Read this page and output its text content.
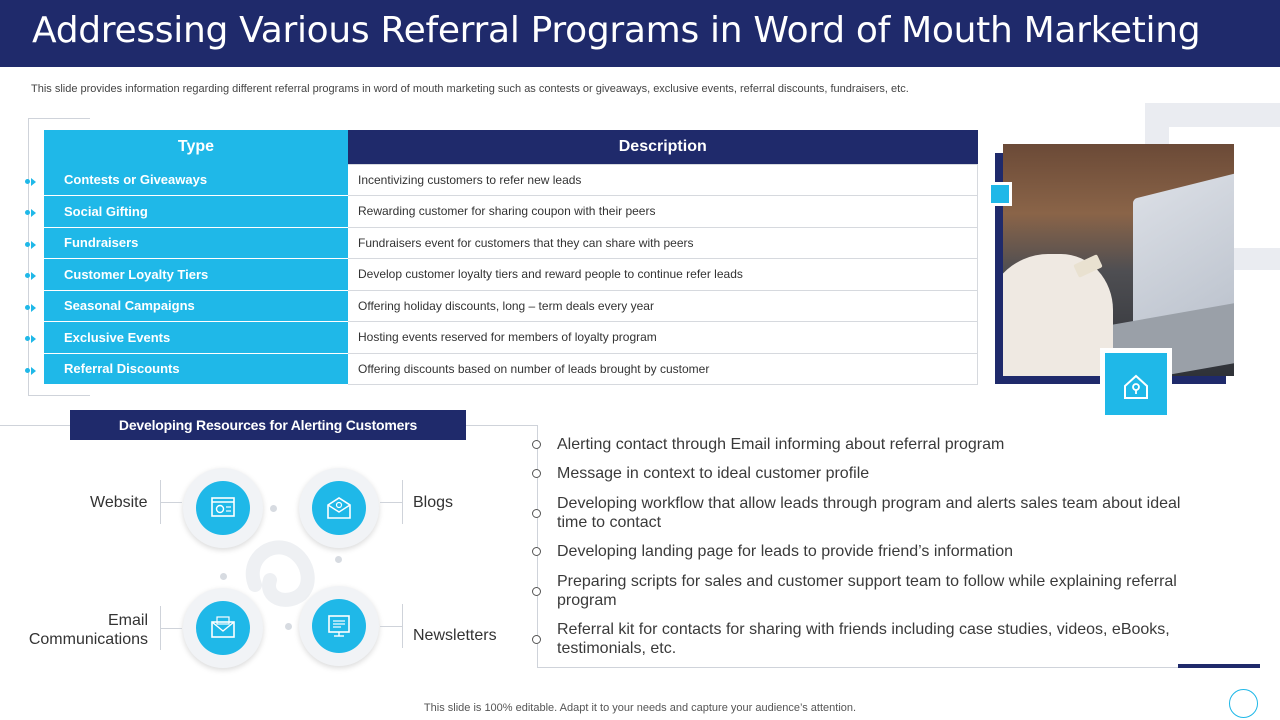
Addressing Various Referral Programs in Word of Mouth Marketing
This slide provides information regarding different referral programs in word of mouth marketing such as contests or giveaways, exclusive events, referral discounts, fundraisers, etc.
Type	Description
Contests or Giveaways	Incentivizing customers to refer new leads
Social Gifting	Rewarding customer for sharing coupon with their peers
Fundraisers	Fundraisers event for customers that they can share with peers
Customer Loyalty Tiers	Develop customer loyalty tiers and reward people to continue refer leads
Seasonal Campaigns	Offering holiday discounts, long – term deals every year
Exclusive Events	Hosting events reserved for members of loyalty program
Referral Discounts	Offering discounts based on number of leads brought by customer
Developing Resources for Alerting Customers
Website	Blogs
Email Communications	Newsletters
Alerting contact through Email informing about referral program
Message in context to ideal customer profile
Developing workflow that allow leads through program and alerts sales team about ideal time to contact
Developing landing page for leads to provide friend’s information
Preparing scripts for sales and customer support team to follow while explaining referral program
Referral kit for contacts for sharing with friends including case studies, videos, eBooks, testimonials, etc.
This slide is 100% editable. Adapt it to your needs and capture your audience’s attention.
